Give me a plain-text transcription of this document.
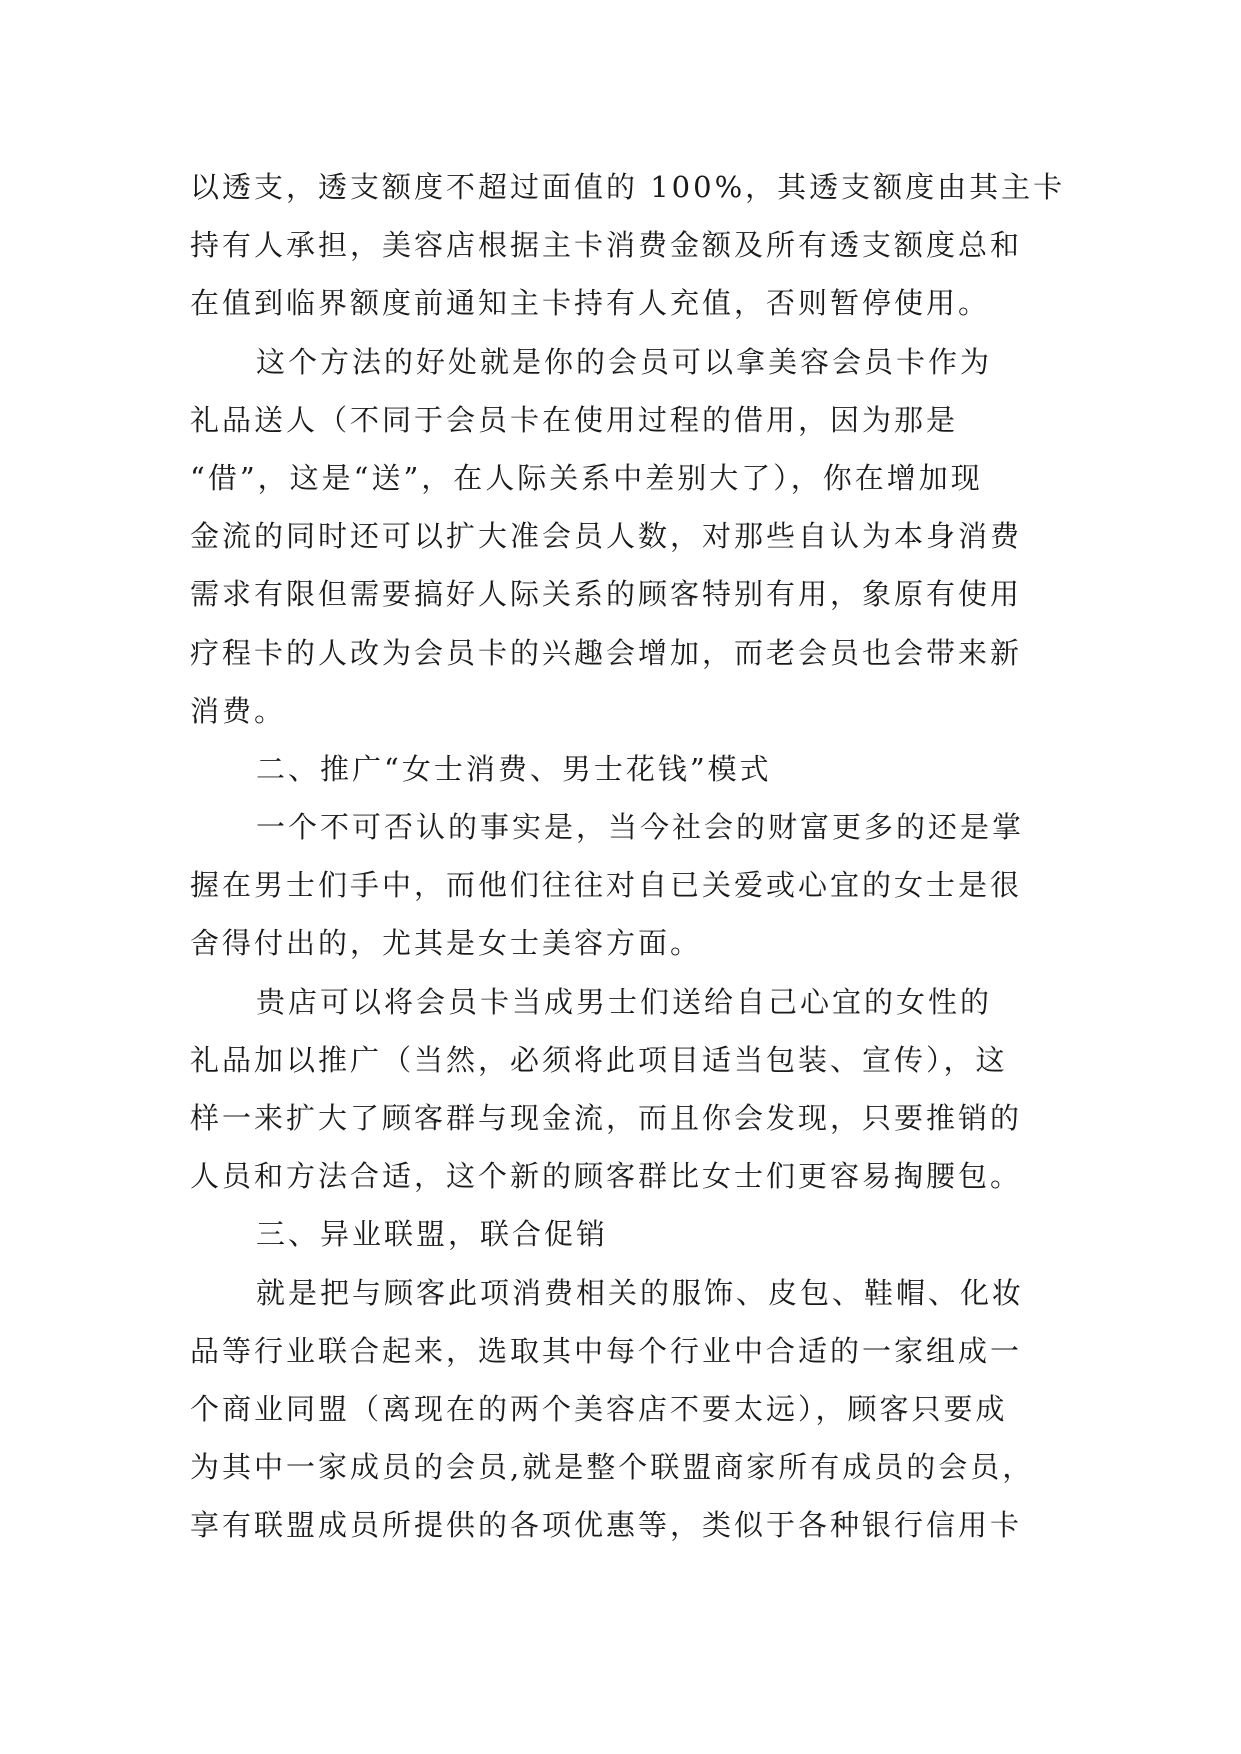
以透支，透支额度不超过面值的 100%，其透支额度由其主卡
持有人承担，美容店根据主卡消费金额及所有透支额度总和
在值到临界额度前通知主卡持有人充值，否则暂停使用。
这个方法的好处就是你的会员可以拿美容会员卡作为
礼品送人（不同于会员卡在使用过程的借用，因为那是
“借”，这是“送”，在人际关系中差别大了），你在增加现
金流的同时还可以扩大准会员人数，对那些自认为本身消费
需求有限但需要搞好人际关系的顾客特别有用，象原有使用
疗程卡的人改为会员卡的兴趣会增加，而老会员也会带来新
消费。
二、推广“女士消费、男士花钱”模式
一个不可否认的事实是，当今社会的财富更多的还是掌
握在男士们手中，而他们往往对自已关爱或心宜的女士是很
舍得付出的，尤其是女士美容方面。
贵店可以将会员卡当成男士们送给自己心宜的女性的
礼品加以推广（当然，必须将此项目适当包装、宣传），这
样一来扩大了顾客群与现金流，而且你会发现，只要推销的
人员和方法合适，这个新的顾客群比女士们更容易掏腰包。
三、异业联盟，联合促销
就是把与顾客此项消费相关的服饰、皮包、鞋帽、化妆
品等行业联合起来，选取其中每个行业中合适的一家组成一
个商业同盟（离现在的两个美容店不要太远），顾客只要成
为其中一家成员的会员,就是整个联盟商家所有成员的会员，
享有联盟成员所提供的各项优惠等，类似于各种银行信用卡
